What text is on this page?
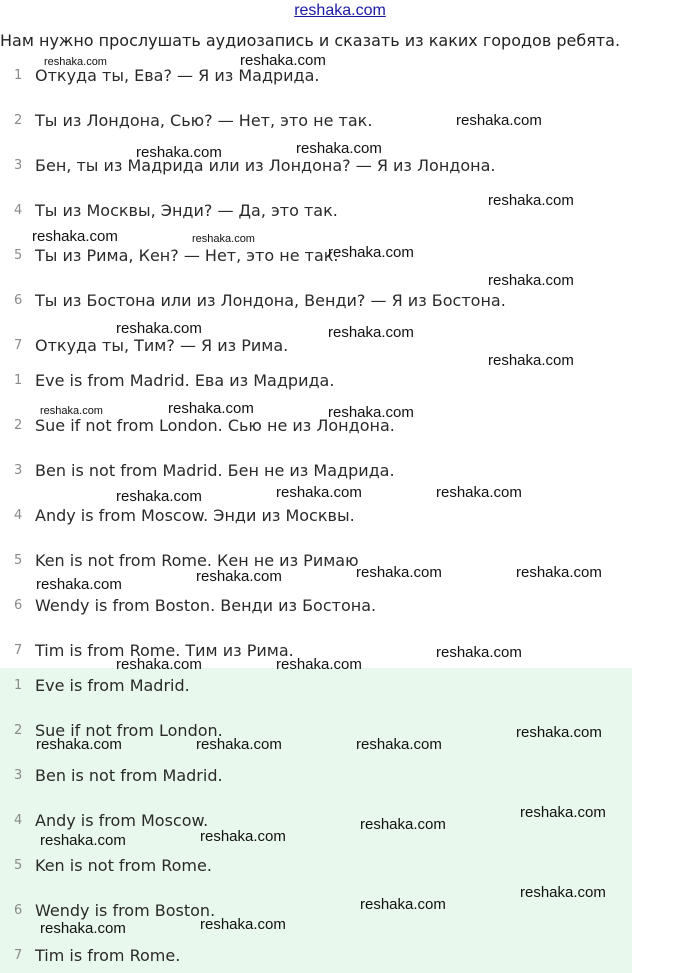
reshaka.com
Нам нужно прослушать аудиозапись и сказать из каких городов ребята.
1 Откуда ты, Ева? — Я из Мадрида.
2 Ты из Лондона, Сью? — Нет, это не так.
3 Бен, ты из Мадрида или из Лондона? — Я из Лондона.
4 Ты из Москвы, Энди? — Да, это так.
5 Ты из Рима, Кен? — Нет, это не так.
6 Ты из Бостона или из Лондона, Венди? — Я из Бостона.
7 Откуда ты, Тим? — Я из Рима.
1 Eve is from Madrid. Ева из Мадрида.
2 Sue if not from London. Сью не из Лондона.
3 Ben is not from Madrid. Бен не из Мадрида.
4 Andy is from Moscow. Энди из Москвы.
5 Ken is not from Rome. Кен не из Римаю
6 Wendy is from Boston. Венди из Бостона.
7 Tim is from Rome. Тим из Рима.
1 Eve is from Madrid.
2 Sue if not from London.
3 Ben is not from Madrid.
4 Andy is from Moscow.
5 Ken is not from Rome.
6 Wendy is from Boston.
7 Tim is from Rome.
reshaka.com	reshaka.com
reshaka.com
reshaka.com	reshaka.com
reshaka.com
reshaka.com	reshaka.com
reshaka.com
reshaka.com
reshaka.com	reshaka.com
reshaka.com
reshaka.com	reshaka.com	reshaka.com
reshaka.com	reshaka.com	reshaka.com
reshaka.com	reshaka.com	reshaka.com
reshaka.com
reshaka.com
reshaka.com	reshaka.com
reshaka.com
reshaka.com	reshaka.com	reshaka.com
reshaka.com
reshaka.com
reshaka.com
reshaka.com
reshaka.com
reshaka.com
reshaka.com
reshaka.com
